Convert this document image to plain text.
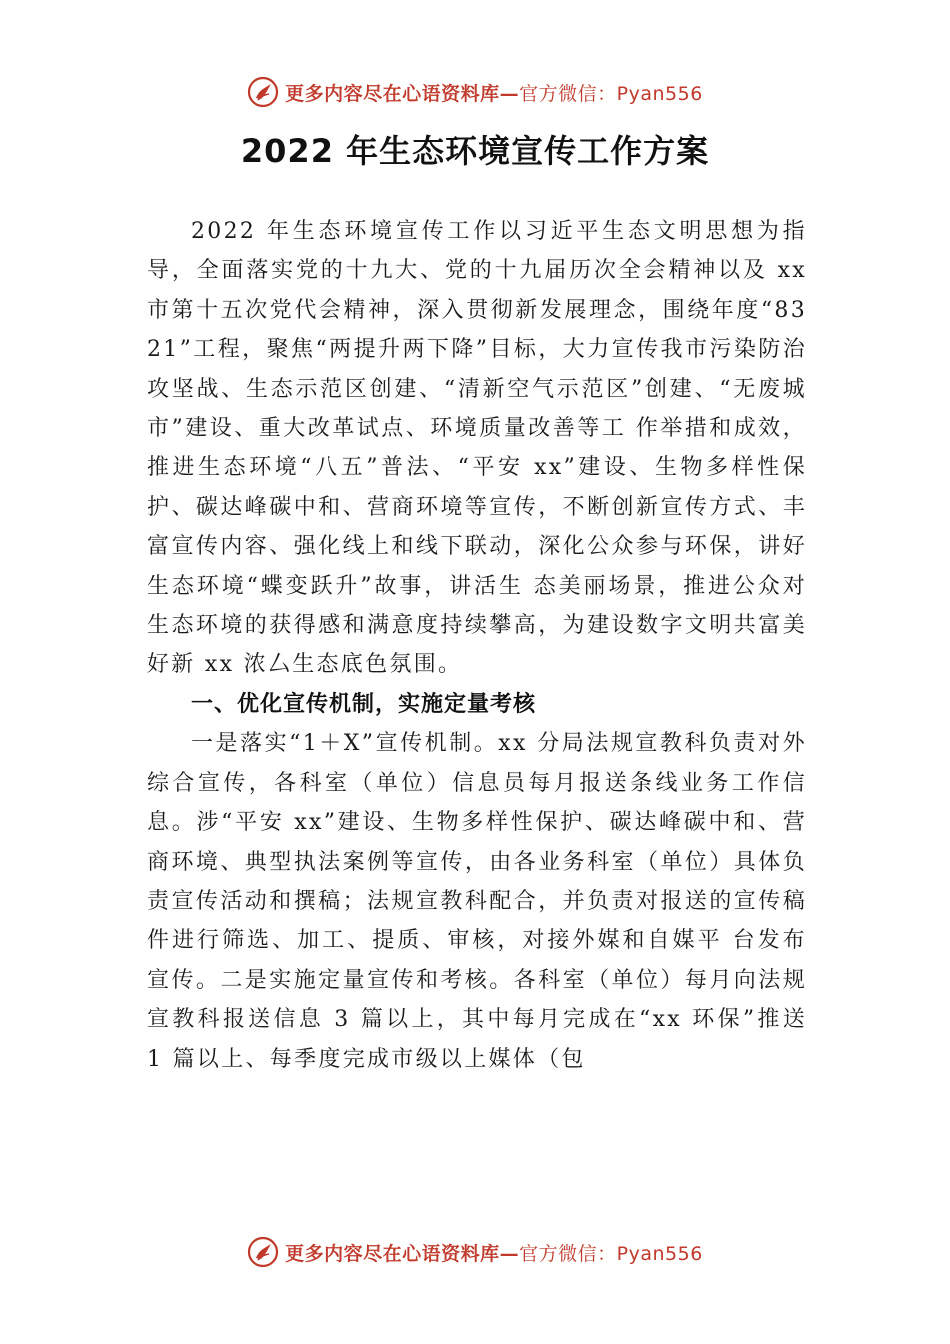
更多内容尽在心语资料库—官方微信：Pyan556
2022 年生态环境宣传工作方案

2022 年生态环境宣传工作以习近平生态文明思想为指导，全面落实党的十九大、党的十九届历次全会精神以及 xx 市第十五次党代会精神，深入贯彻新发展理念，围绕年度“8321”工程，聚焦“两提升两下降”目标，大力宣传我市污染防治攻坚战、生态示范区创建、“清新空气示范区”创建、“无废城市”建设、重大改革试点、环境质量改善等工 作举措和成效，推进生态环境“八五”普法、“平安 xx”建设、生物多样性保护、碳达峰碳中和、营商环境等宣传，不断创新宣传方式、丰富宣传内容、强化线上和线下联动，深化公众参与环保，讲好生态环境“蝶变跃升”故事，讲活生 态美丽场景，推进公众对生态环境的获得感和满意度持续攀高，为建设数字文明共富美好新 xx 浓厶生态底色氛围。

一、优化宣传机制，实施定量考核

一是落实“1＋X”宣传机制。xx 分局法规宣教科负责对外综合宣传，各科室（单位）信息员每月报送条线业务工作信息。涉“平安 xx”建设、生物多样性保护、碳达峰碳中和、营商环境、典型执法案例等宣传，由各业务科室（单位）具体负责宣传活动和撰稿；法规宣教科配合，并负责对报送的宣传稿件进行筛选、加工、提质、审核，对接外媒和自媒平 台发布宣传。二是实施定量宣传和考核。各科室（单位）每月向法规宣教科报送信息 3 篇以上，其中每月完成在“xx 环保”推送 1 篇以上、每季度完成市级以上媒体（包

更多内容尽在心语资料库—官方微信：Pyan556
